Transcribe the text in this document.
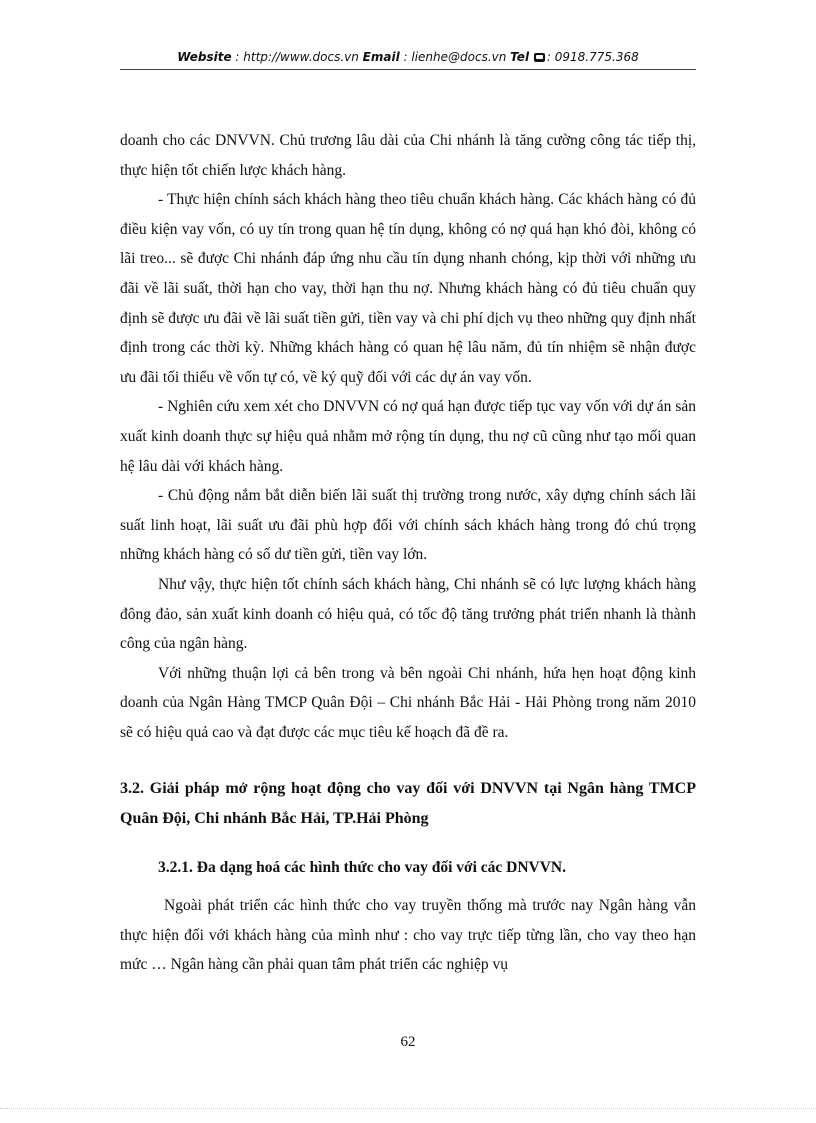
Website : http://www.docs.vn Email : lienhe@docs.vn Tel : 0918.775.368

doanh cho các DNVVN. Chủ trương lâu dài của Chi nhánh là tăng cường công tác tiếp thị, thực hiện tốt chiến lược khách hàng.

- Thực hiện chính sách khách hàng theo tiêu chuẩn khách hàng. Các khách hàng có đủ điều kiện vay vốn, có uy tín trong quan hệ tín dụng, không có nợ quá hạn khó đòi, không có lãi treo... sẽ được Chi nhánh đáp ứng nhu cầu tín dụng nhanh chóng, kịp thời với những ưu đãi về lãi suất, thời hạn cho vay, thời hạn thu nợ. Nhưng khách hàng có đủ tiêu chuẩn quy định sẽ được ưu đãi về lãi suất tiền gửi, tiền vay và chi phí dịch vụ theo những quy định nhất định trong các thời kỳ. Những khách hàng có quan hệ lâu năm, đủ tín nhiệm sẽ nhận được ưu đãi tối thiểu về vốn tự có, về ký quỹ đối với các dự án vay vốn.

- Nghiên cứu xem xét cho DNVVN có nợ quá hạn được tiếp tục vay vốn với dự án sản xuất kinh doanh thực sự hiệu quả nhằm mở rộng tín dụng, thu nợ cũ cũng như tạo mối quan hệ lâu dài với khách hàng.

- Chủ động nắm bắt diễn biến lãi suất thị trường trong nước, xây dựng chính sách lãi suất linh hoạt, lãi suất ưu đãi phù hợp đối với chính sách khách hàng trong đó chú trọng những khách hàng có số dư tiền gửi, tiền vay lớn.

Như vậy, thực hiện tốt chính sách khách hàng, Chi nhánh sẽ có lực lượng khách hàng đông đảo, sản xuất kinh doanh có hiệu quả, có tốc độ tăng trưởng phát triển nhanh là thành công của ngân hàng.

Với những thuận lợi cả bên trong và bên ngoài Chi nhánh, hứa hẹn hoạt động kinh doanh của Ngân Hàng TMCP Quân Đội – Chi nhánh Bắc Hải - Hải Phòng trong năm 2010 sẽ có hiệu quả cao và đạt được các mục tiêu kế hoạch đã đề ra.

3.2. Giải pháp mở rộng hoạt động cho vay đối với DNVVN tại Ngân hàng TMCP Quân Đội, Chi nhánh Bắc Hải, TP.Hải Phòng

3.2.1. Đa dạng hoá các hình thức cho vay đối với các DNVVN.

Ngoài phát triển các hình thức cho vay truyền thống mà trước nay Ngân hàng vẫn thực hiện đối với khách hàng của mình như : cho vay trực tiếp từng lần, cho vay theo hạn mức … Ngân hàng cần phải quan tâm phát triển các nghiệp vụ

62
